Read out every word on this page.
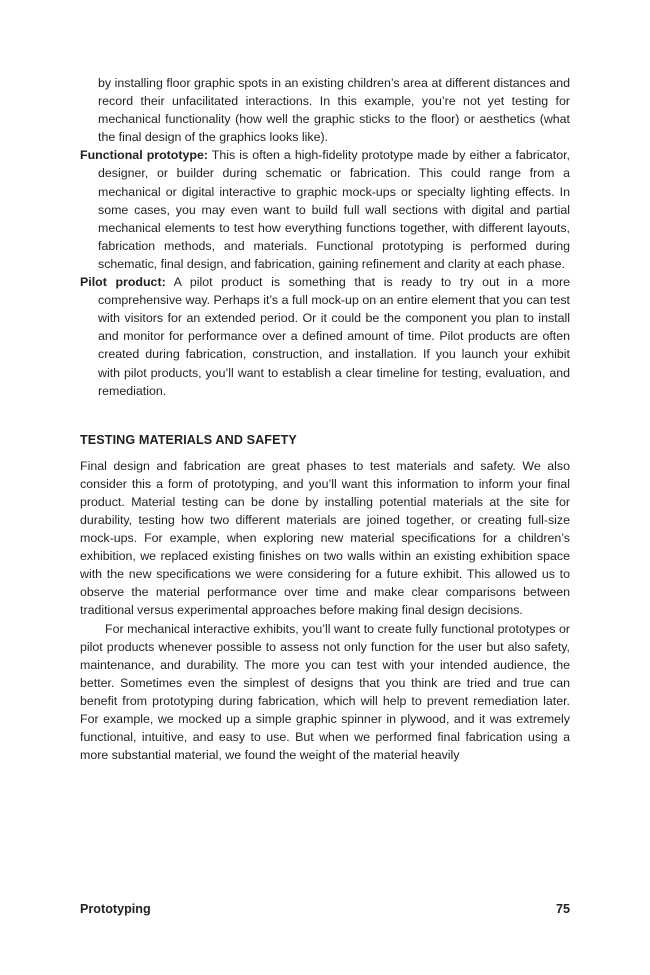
by installing floor graphic spots in an existing children’s area at different distances and record their unfacilitated interactions. In this example, you’re not yet testing for mechanical functionality (how well the graphic sticks to the floor) or aesthetics (what the final design of the graphics looks like).

Functional prototype: This is often a high-fidelity prototype made by either a fabricator, designer, or builder during schematic or fabrication. This could range from a mechanical or digital interactive to graphic mock-ups or specialty lighting effects. In some cases, you may even want to build full wall sections with digital and partial mechanical elements to test how everything functions together, with different layouts, fabrication methods, and materials. Functional prototyping is performed during schematic, final design, and fabrication, gaining refinement and clarity at each phase.

Pilot product: A pilot product is something that is ready to try out in a more comprehensive way. Perhaps it’s a full mock-up on an entire element that you can test with visitors for an extended period. Or it could be the component you plan to install and monitor for performance over a defined amount of time. Pilot products are often created during fabrication, construction, and installation. If you launch your exhibit with pilot products, you’ll want to establish a clear timeline for testing, evaluation, and remediation.

TESTING MATERIALS AND SAFETY

Final design and fabrication are great phases to test materials and safety. We also consider this a form of prototyping, and you’ll want this information to inform your final product. Material testing can be done by installing potential materials at the site for durability, testing how two different materials are joined together, or creating full-size mock-ups. For example, when exploring new material specifications for a children’s exhibition, we replaced existing finishes on two walls within an existing exhibition space with the new specifications we were considering for a future exhibit. This allowed us to observe the material performance over time and make clear comparisons between traditional versus experimental approaches before making final design decisions.

For mechanical interactive exhibits, you’ll want to create fully functional prototypes or pilot products whenever possible to assess not only function for the user but also safety, maintenance, and durability. The more you can test with your intended audience, the better. Sometimes even the simplest of designs that you think are tried and true can benefit from prototyping during fabrication, which will help to prevent remediation later. For example, we mocked up a simple graphic spinner in plywood, and it was extremely functional, intuitive, and easy to use. But when we performed final fabrication using a more substantial material, we found the weight of the material heavily

Prototyping	75
